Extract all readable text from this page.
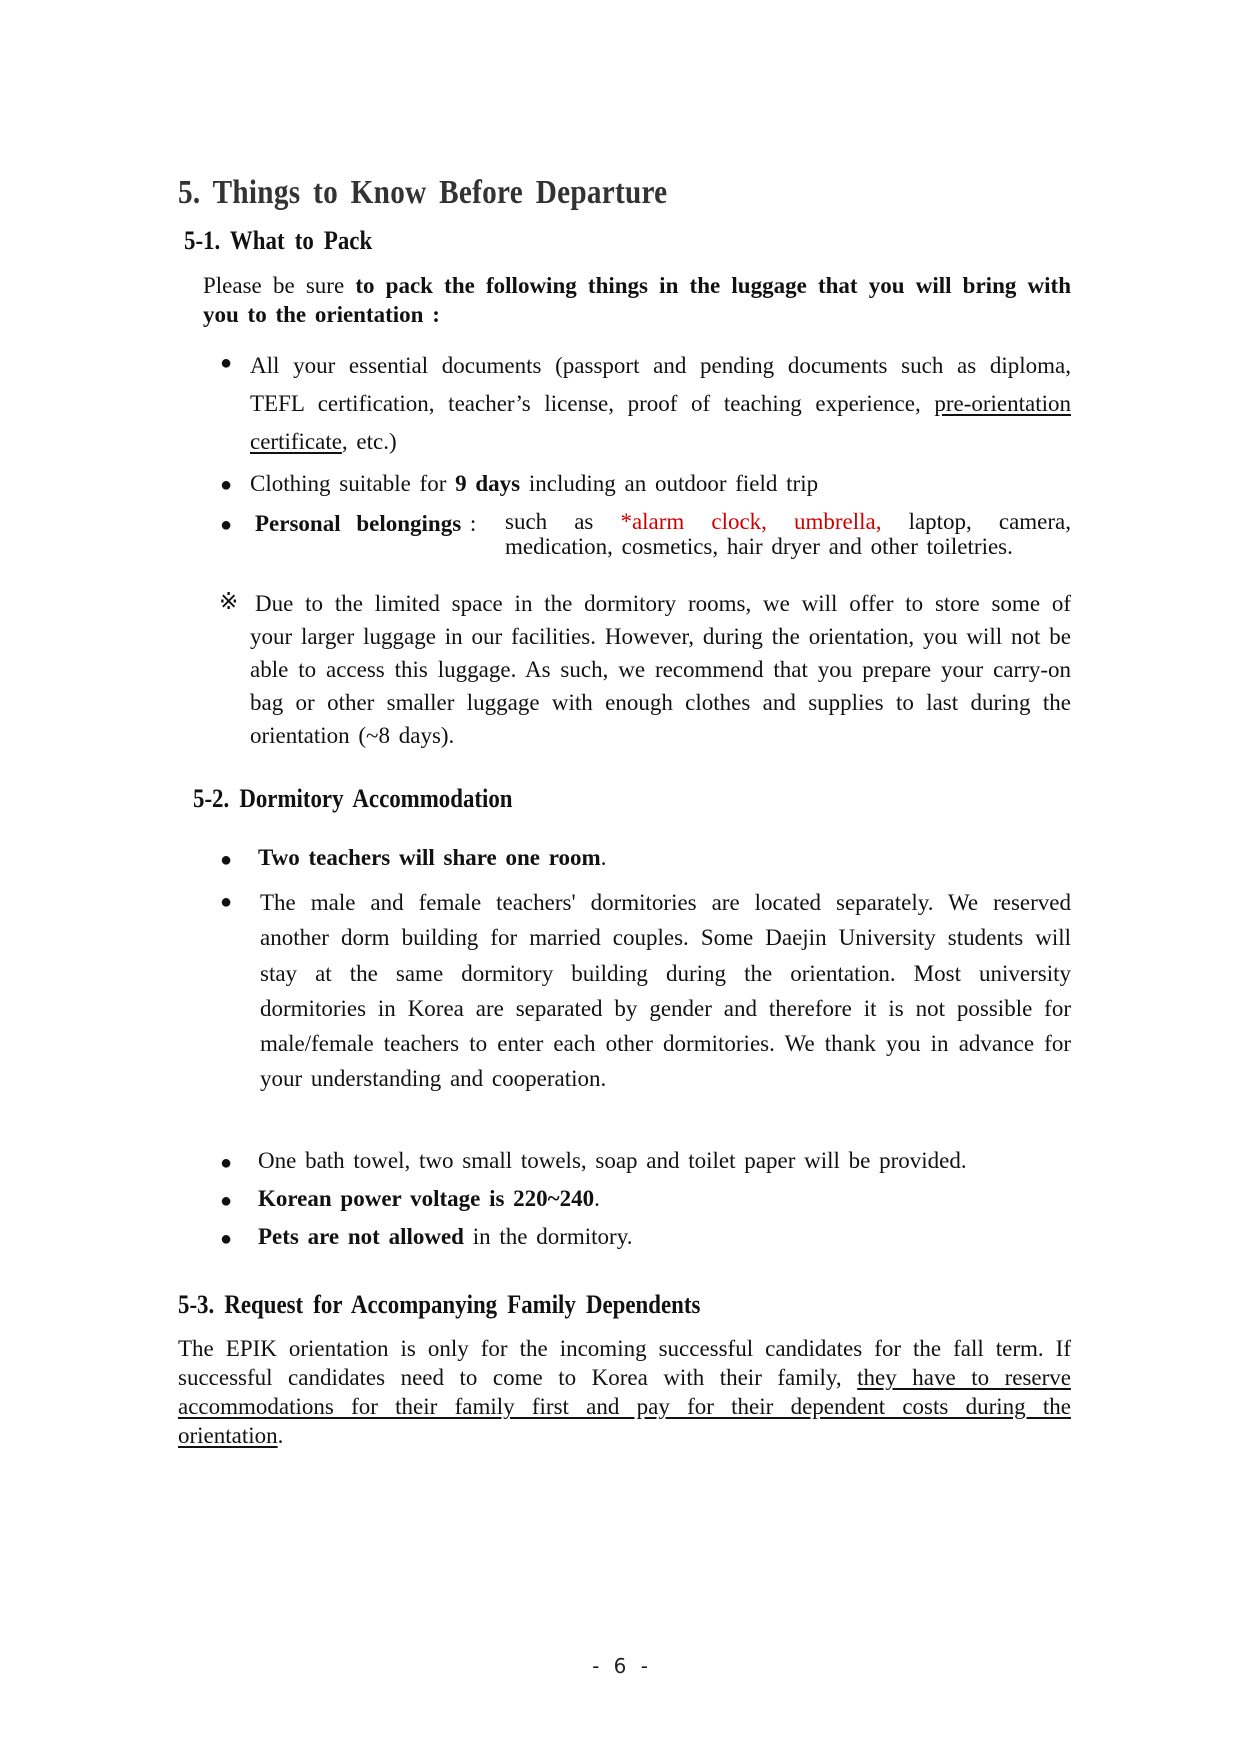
5. Things to Know Before Departure
5-1. What to Pack
Please be sure to pack the following things in the luggage that you will bring with you to the orientation :
● All your essential documents (passport and pending documents such as diploma, TEFL certification, teacher’s license, proof of teaching experience, pre-orientation certificate, etc.)
● Clothing suitable for 9 days including an outdoor field trip
● Personal belongings :	such as *alarm clock, umbrella, laptop, camera,
medication, cosmetics, hair dryer and other toiletries.
※ Due to the limited space in the dormitory rooms, we will offer to store some of your larger luggage in our facilities. However, during the orientation, you will not be able to access this luggage. As such, we recommend that you prepare your carry-on bag or other smaller luggage with enough clothes and supplies to last during the orientation (~8 days).
5-2. Dormitory Accommodation
● Two teachers will share one room.
● The male and female teachers' dormitories are located separately. We reserved another dorm building for married couples. Some Daejin University students will stay at the same dormitory building during the orientation. Most university dormitories in Korea are separated by gender and therefore it is not possible for male/female teachers to enter each other dormitories. We thank you in advance for your understanding and cooperation.
● One bath towel, two small towels, soap and toilet paper will be provided.
● Korean power voltage is 220~240.
● Pets are not allowed in the dormitory.
5-3. Request for Accompanying Family Dependents
The EPIK orientation is only for the incoming successful candidates for the fall term. If successful candidates need to come to Korea with their family, they have to reserve accommodations for their family first and pay for their dependent costs during the orientation.
- 6 -
